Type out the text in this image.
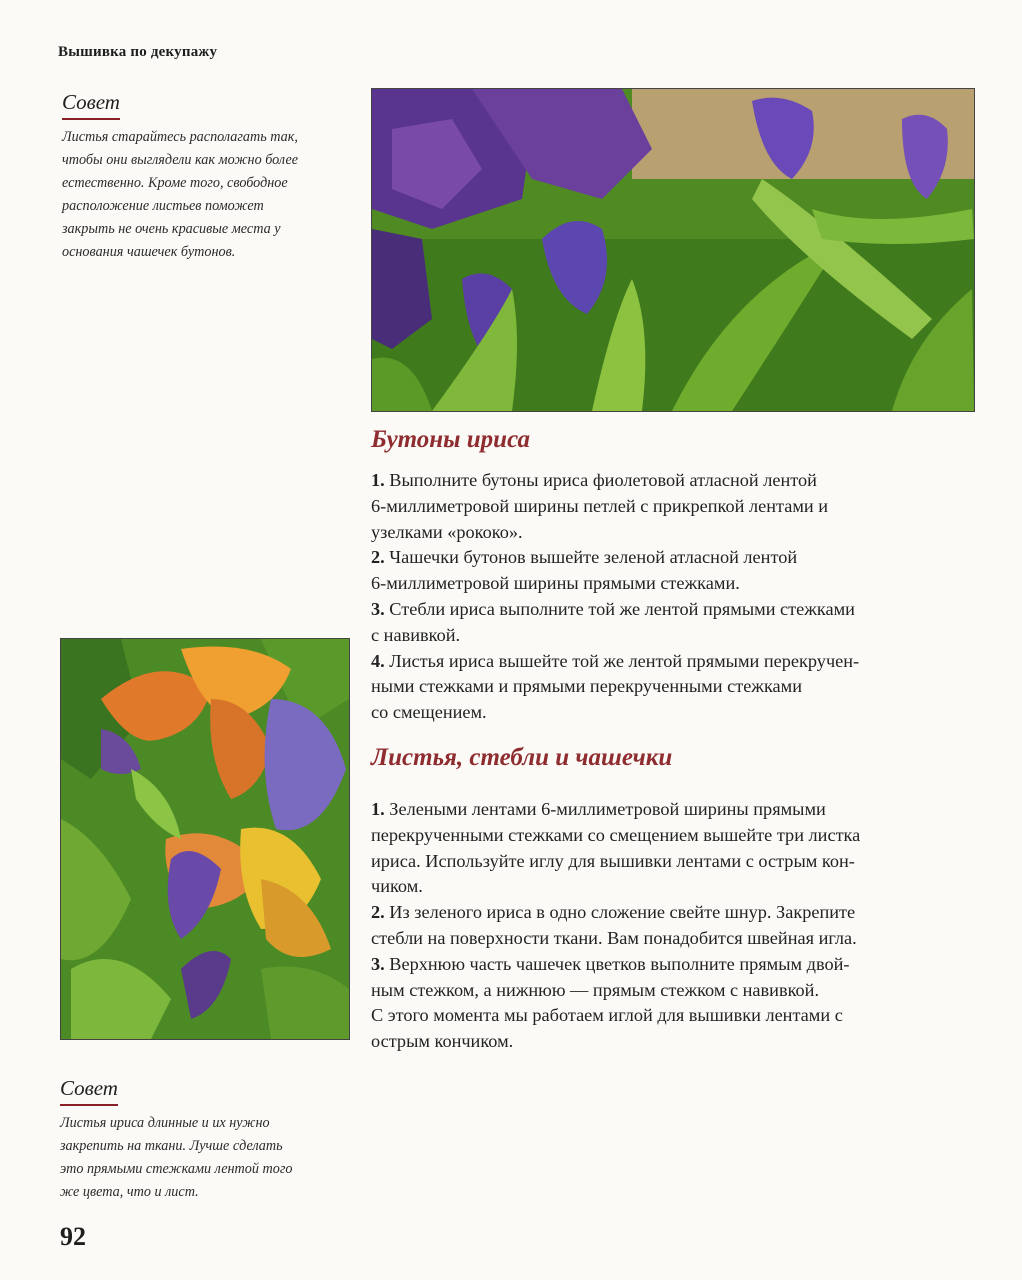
Вышивка по декупажу
Совет
Листья старайтесь располагать так,
чтобы они выглядели как можно более
естественно. Кроме того, свободное
расположение листьев поможет
закрыть не очень красивые места у
основания чашечек бутонов.
Бутоны ириса
1. Выполните бутоны ириса фиолетовой атласной лентой
6-миллиметровой ширины петлей с прикрепкой лентами и
узелками «рококо».
2. Чашечки бутонов вышейте зеленой атласной лентой
6-миллиметровой ширины прямыми стежками.
3. Стебли ириса выполните той же лентой прямыми стежками
с навивкой.
4. Листья ириса вышейте той же лентой прямыми перекручен-
ными стежками и прямыми перекрученными стежками
со смещением.
Листья, стебли и чашечки
1. Зелеными лентами 6-миллиметровой ширины прямыми
перекрученными стежками со смещением вышейте три листка
ириса. Используйте иглу для вышивки лентами с острым кон-
чиком.
2. Из зеленого ириса в одно сложение свейте шнур. Закрепите
стебли на поверхности ткани. Вам понадобится швейная игла.
3. Верхнюю часть чашечек цветков выполните прямым двой-
ным стежком, а нижнюю — прямым стежком с навивкой.
С этого момента мы работаем иглой для вышивки лентами с
острым кончиком.
Совет
Листья ириса длинные и их нужно
закрепить на ткани. Лучше сделать
это прямыми стежками лентой того
же цвета, что и лист.
92
